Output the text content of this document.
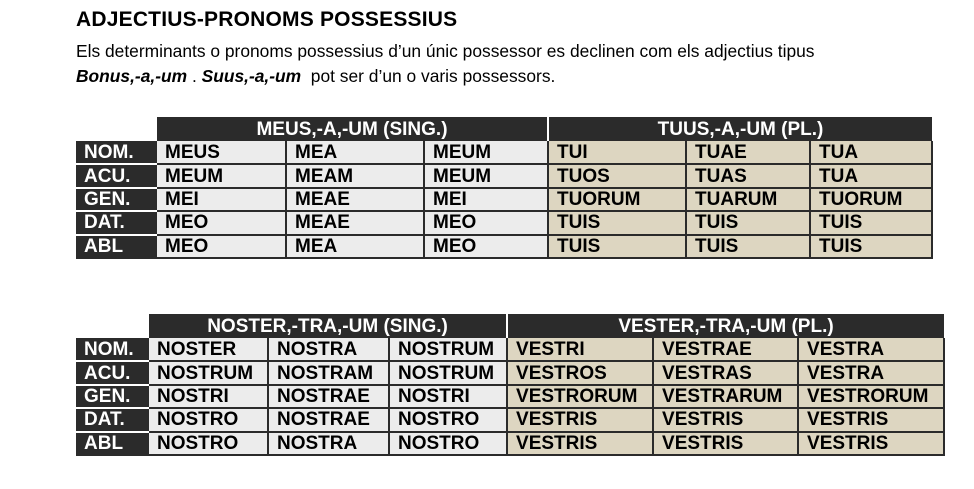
ADJECTIUS-PRONOMS POSSESSIUS
Els determinants o pronoms possessius d’un únic possessor es declinen com els adjectius tipus
Bonus,-a,-um . Suus,-a,-um  pot ser d’un o varis possessors.
	MEUS,-A,-UM (SING.)			TUUS,-A,-UM (PL.)		
NOM.	MEUS	MEA	MEUM	TUI	TUAE	TUA
ACU.	MEUM	MEAM	MEUM	TUOS	TUAS	TUA
GEN.	MEI	MEAE	MEI	TUORUM	TUARUM	TUORUM
DAT.	MEO	MEAE	MEO	TUIS	TUIS	TUIS
ABL	MEO	MEA	MEO	TUIS	TUIS	TUIS
	NOSTER,-TRA,-UM (SING.)			VESTER,-TRA,-UM (PL.)		
NOM.	NOSTER	NOSTRA	NOSTRUM	VESTRI	VESTRAE	VESTRA
ACU.	NOSTRUM	NOSTRAM	NOSTRUM	VESTROS	VESTRAS	VESTRA
GEN.	NOSTRI	NOSTRAE	NOSTRI	VESTRORUM	VESTRARUM	VESTRORUM
DAT.	NOSTRO	NOSTRAE	NOSTRO	VESTRIS	VESTRIS	VESTRIS
ABL	NOSTRO	NOSTRA	NOSTRO	VESTRIS	VESTRIS	VESTRIS
